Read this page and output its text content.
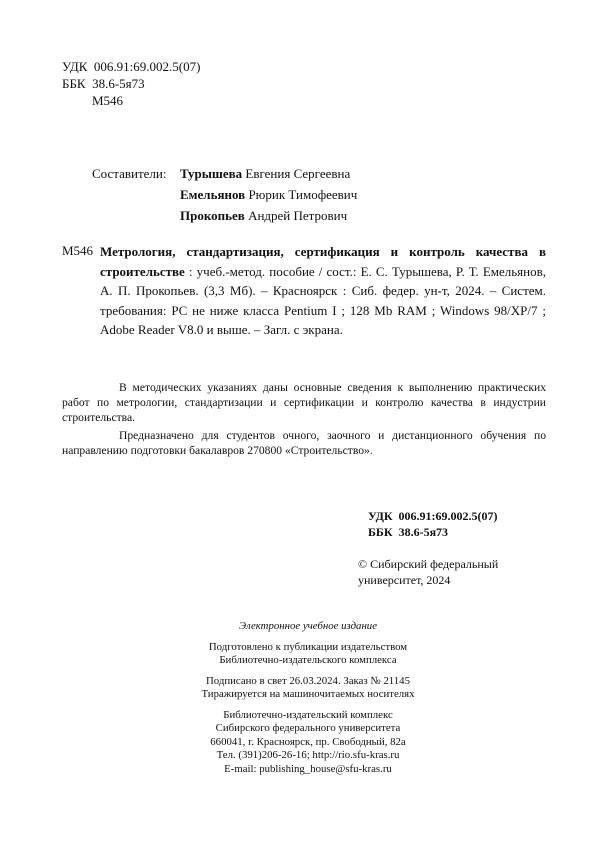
УДК  006.91:69.002.5(07)
ББК  38.6-5я73
М546
Составители:	Турышева Евгения Сергеевна
Емельянов Рюрик Тимофеевич
Прокопьев Андрей Петрович
М546 Метрология, стандартизация, сертификация и контроль качества в строительстве : учеб.-метод. пособие / сост.: Е. С. Турышева, Р. Т. Емельянов, А. П. Прокопьев. (3,3 Мб). – Красноярск : Сиб. федер. ун-т, 2024. – Систем. требования: PC не ниже класса Pentium I ; 128 Mb RAM ; Windows 98/XP/7 ; Adobe Reader V8.0 и выше. – Загл. с экрана.

В методических указаниях даны основные сведения к выполнению практических работ по метрологии, стандартизации и сертификации и контролю качества в индустрии строительства.

Предназначено для студентов очного, заочного и дистанционного обучения по направлению подготовки бакалавров 270800 «Строительство».

УДК  006.91:69.002.5(07)
ББК  38.6-5я73
© Сибирский федеральный
университет, 2024
Электронное учебное издание
Подготовлено к публикации издательством
Библиотечно-издательского комплекса
Подписано в свет 26.03.2024. Заказ № 21145
Тиражируется на машиночитаемых носителях
Библиотечно-издательский комплекс
Сибирского федерального университета
660041, г. Красноярск, пр. Свободный, 82а
Тел. (391)206-26-16; http://rio.sfu-kras.ru
E-mail: publishing_house@sfu-kras.ru
